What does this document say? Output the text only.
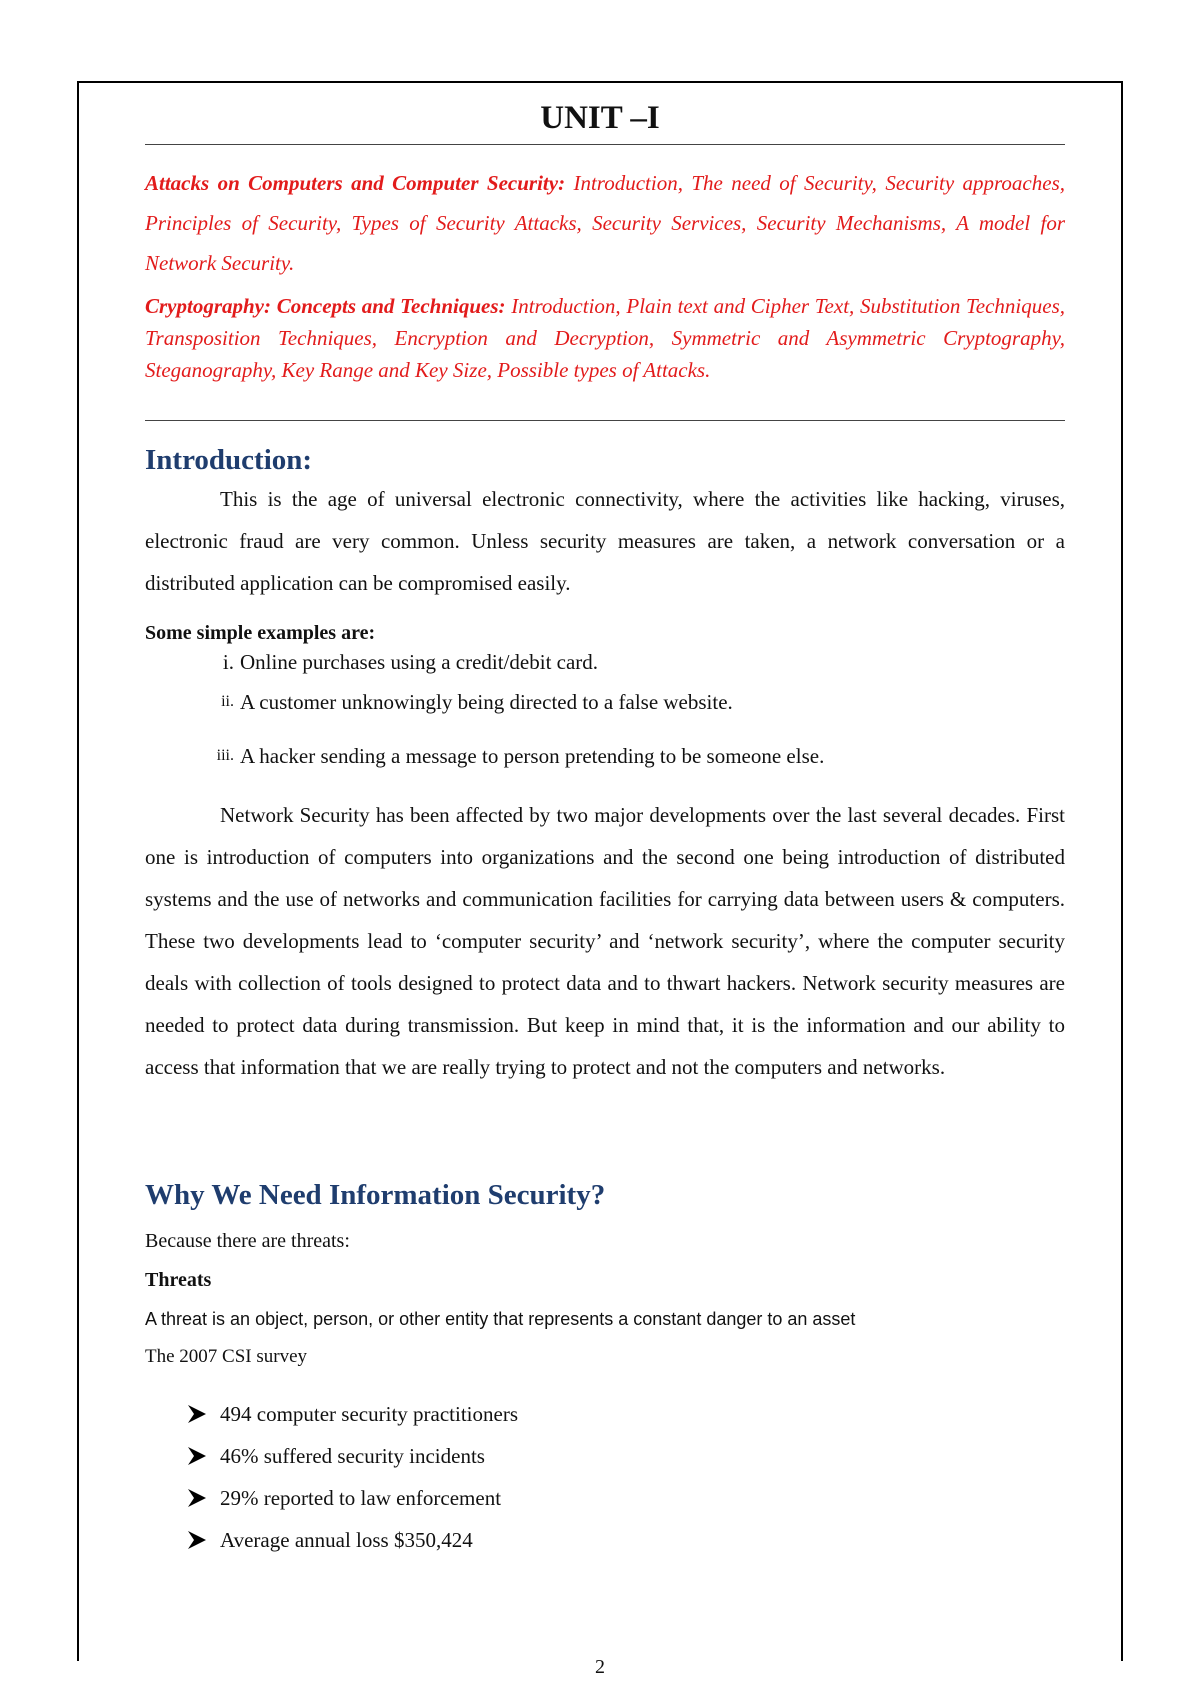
UNIT –I

Attacks on Computers and Computer Security: Introduction, The need of Security, Security approaches, Principles of Security, Types of Security Attacks, Security Services, Security Mechanisms, A model for Network Security.

Cryptography: Concepts and Techniques: Introduction, Plain text and Cipher Text, Substitution Techniques, Transposition Techniques, Encryption and Decryption, Symmetric and Asymmetric Cryptography, Steganography, Key Range and Key Size, Possible types of Attacks.

Introduction:

This is the age of universal electronic connectivity, where the activities like hacking, viruses, electronic fraud are very common. Unless security measures are taken, a network conversation or a distributed application can be compromised easily.

Some simple examples are:

i. Online purchases using a credit/debit card.
ii. A customer unknowingly being directed to a false website.
iii. A hacker sending a message to person pretending to be someone else.

Network Security has been affected by two major developments over the last several decades. First one is introduction of computers into organizations and the second one being introduction of distributed systems and the use of networks and communication facilities for carrying data between users & computers. These two developments lead to ‘computer security’ and ‘network security’, where the computer security deals with collection of tools designed to protect data and to thwart hackers. Network security measures are needed to protect data during transmission. But keep in mind that, it is the information and our ability to access that information that we are really trying to protect and not the computers and networks.

Why We Need Information Security?

Because there are threats:

Threats

A threat is an object, person, or other entity that represents a constant danger to an asset

The 2007 CSI survey

494 computer security practitioners
46% suffered security incidents
29% reported to law enforcement
Average annual loss $350,424
2
